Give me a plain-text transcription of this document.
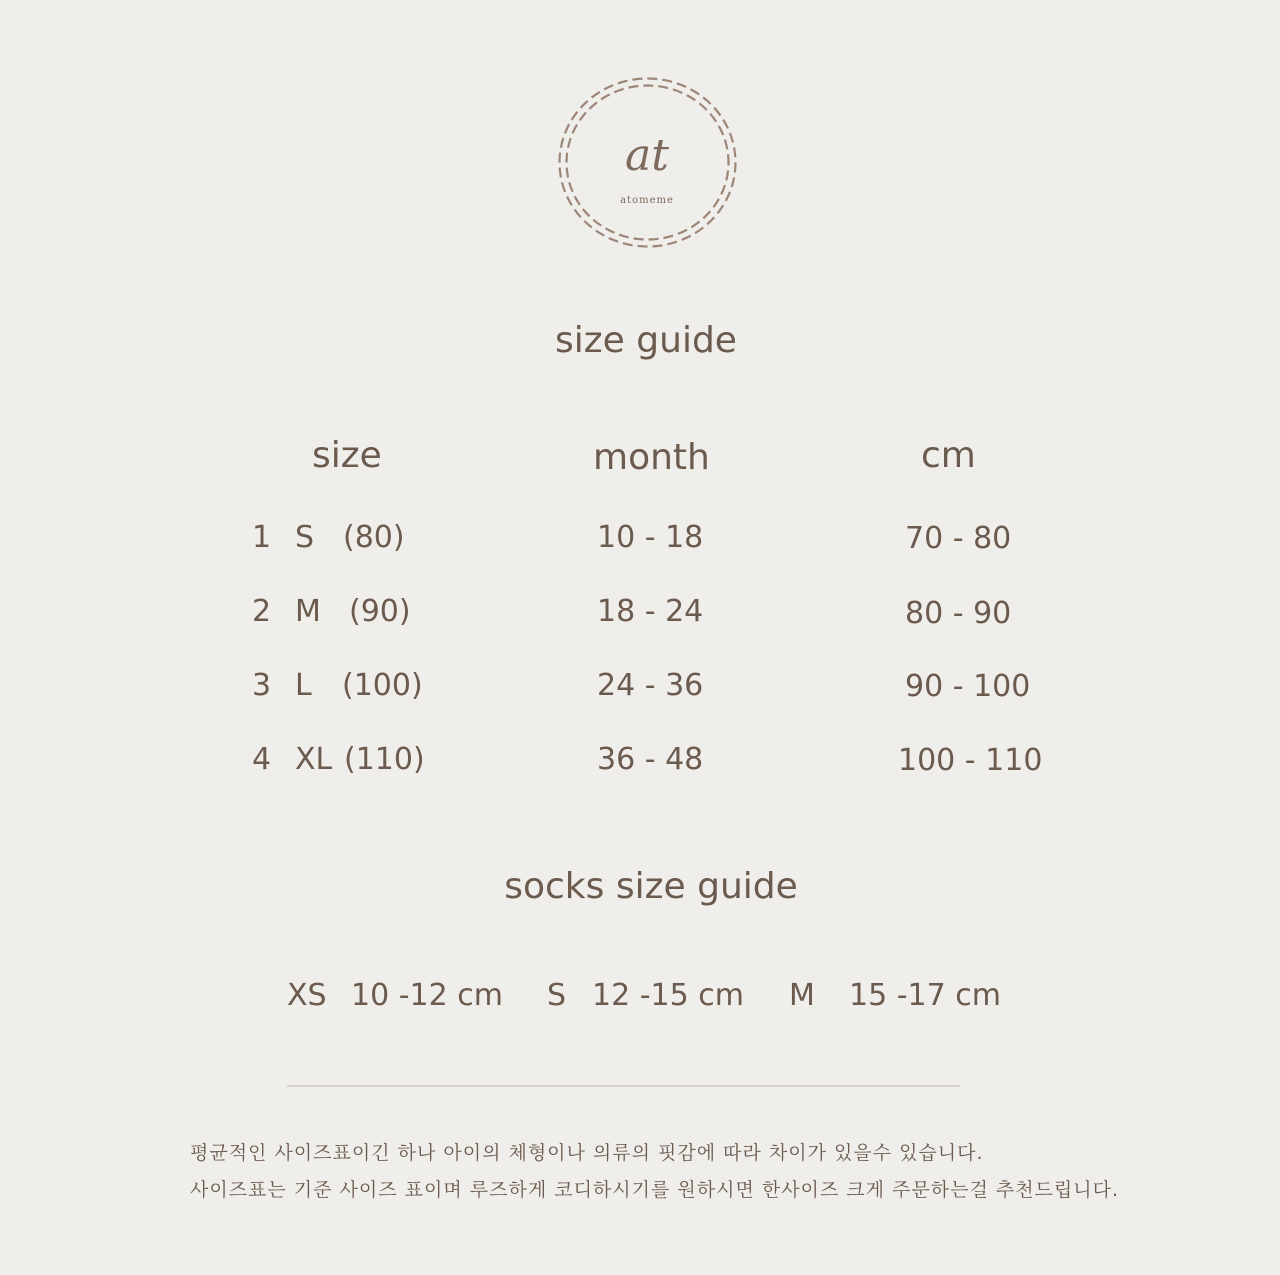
at
atomeme
size guide
size	month	cm
1 S (80)	10 - 18	70 - 80
2 M (90)	18 - 24	80 - 90
3 L (100)	24 - 36	90 - 100
4 XL (110)	36 - 48	100 - 110
socks size guide
XS 10 -12 cm S 12 -15 cm M 15 -17 cm
평균적인 사이즈표이긴 하나 아이의 체형이나 의류의 핏감에 따라 차이가 있을수 있습니다.
사이즈표는 기준 사이즈 표이며 루즈하게 코디하시기를 원하시면 한사이즈 크게 주문하는걸 추천드립니다.
